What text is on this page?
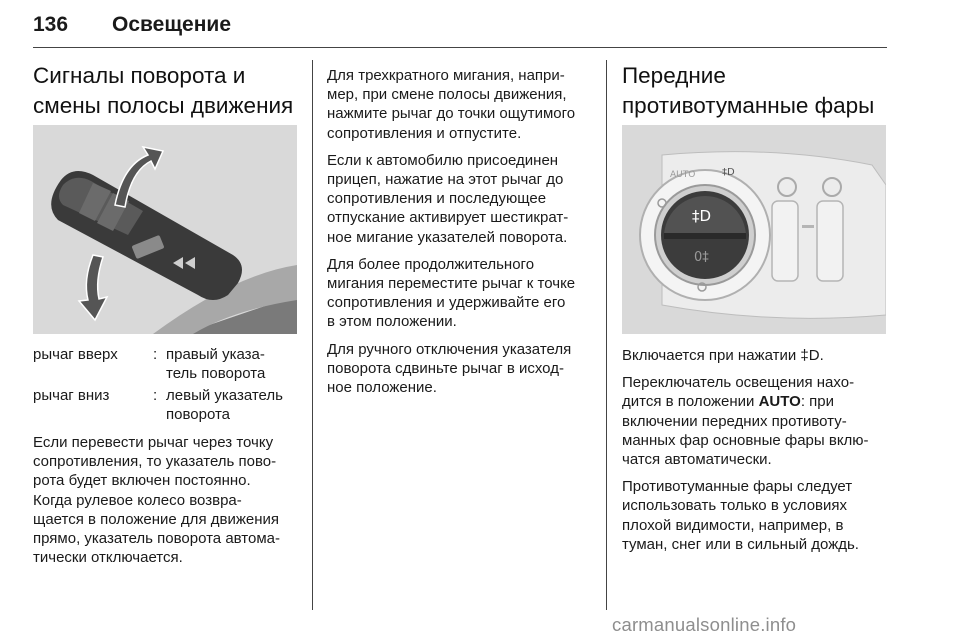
136 Освещение
Сигналы поворота и
смены полосы движения
рычаг вверх : правый указа-
тель поворота
рычаг вниз	: левый указатель
поворота

Если перевести рычаг через точку
сопротивления, то указатель пово-
рота будет включен постоянно.
Когда рулевое колесо возвра-
щается в положение для движения
прямо, указатель поворота автома-
тически отключается.

Для трехкратного мигания, напри-
мер, при смене полосы движения,
нажмите рычаг до точки ощутимого
сопротивления и отпустите.

Если к автомобилю присоединен
прицеп, нажатие на этот рычаг до
сопротивления и последующее
отпускание активирует шестикрат-
ное мигание указателей поворота.

Для более продолжительного
мигания переместите рычаг к точке
сопротивления и удерживайте его
в этом положении.

Для ручного отключения указателя
поворота сдвиньте рычаг в исход-
ное положение.

Передние
противотуманные фары
‡D
0‡
AUTO	‡D

Включается при нажатии ‡D.

Переключатель освещения нахо-
дится в положении AUTO: при
включении передних противоту-
манных фар основные фары вклю-
чатся автоматически.

Противотуманные фары следует
использовать только в условиях
плохой видимости, например, в
туман, снег или в сильный дождь.

carmanualsonline.info
